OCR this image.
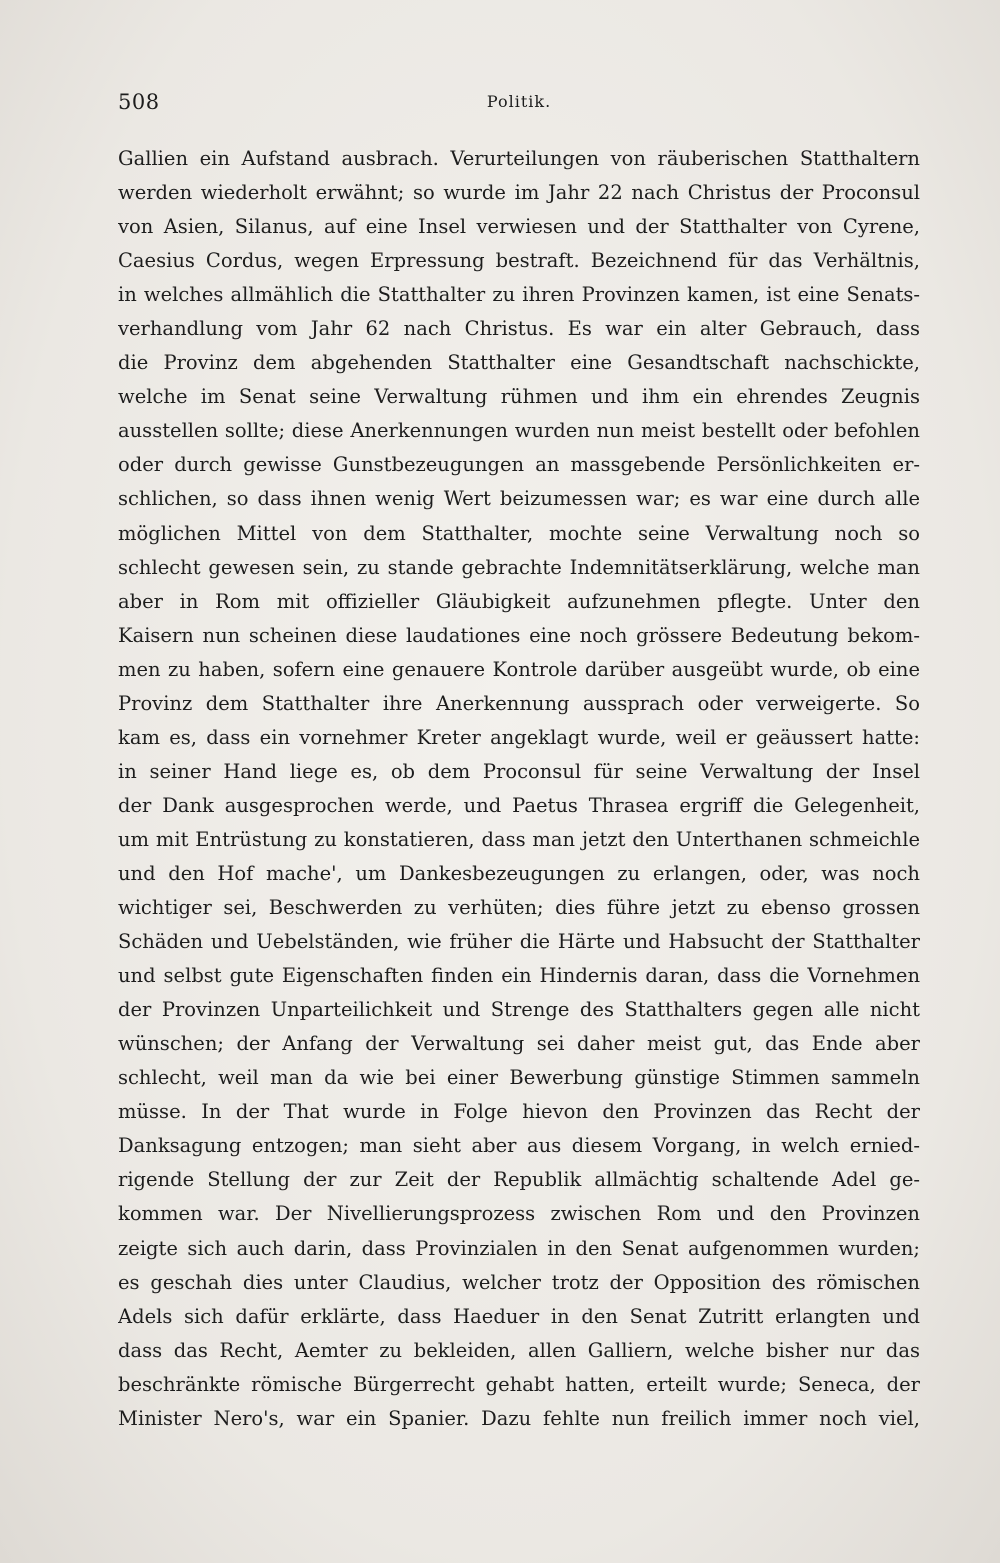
508	Politik.
Gallien ein Aufstand ausbrach. Verurteilungen von räuberischen Statthaltern
werden wiederholt erwähnt; so wurde im Jahr 22 nach Christus der Proconsul
von Asien, Silanus, auf eine Insel verwiesen und der Statthalter von Cyrene,
Caesius Cordus, wegen Erpressung bestraft. Bezeichnend für das Verhältnis,
in welches allmählich die Statthalter zu ihren Provinzen kamen, ist eine Senats-
verhandlung vom Jahr 62 nach Christus. Es war ein alter Gebrauch, dass
die Provinz dem abgehenden Statthalter eine Gesandtschaft nachschickte,
welche im Senat seine Verwaltung rühmen und ihm ein ehrendes Zeugnis
ausstellen sollte; diese Anerkennungen wurden nun meist bestellt oder befohlen
oder durch gewisse Gunstbezeugungen an massgebende Persönlichkeiten er-
schlichen, so dass ihnen wenig Wert beizumessen war; es war eine durch alle
möglichen Mittel von dem Statthalter, mochte seine Verwaltung noch so
schlecht gewesen sein, zu stande gebrachte Indemnitätserklärung, welche man
aber in Rom mit offizieller Gläubigkeit aufzunehmen pflegte. Unter den
Kaisern nun scheinen diese laudationes eine noch grössere Bedeutung bekom-
men zu haben, sofern eine genauere Kontrole darüber ausgeübt wurde, ob eine
Provinz dem Statthalter ihre Anerkennung aussprach oder verweigerte. So
kam es, dass ein vornehmer Kreter angeklagt wurde, weil er geäussert hatte:
in seiner Hand liege es, ob dem Proconsul für seine Verwaltung der Insel
der Dank ausgesprochen werde, und Paetus Thrasea ergriff die Gelegenheit,
um mit Entrüstung zu konstatieren, dass man jetzt den Unterthanen schmeichle
und den Hof mache', um Dankesbezeugungen zu erlangen, oder, was noch
wichtiger sei, Beschwerden zu verhüten; dies führe jetzt zu ebenso grossen
Schäden und Uebelständen, wie früher die Härte und Habsucht der Statthalter
und selbst gute Eigenschaften finden ein Hindernis daran, dass die Vornehmen
der Provinzen Unparteilichkeit und Strenge des Statthalters gegen alle nicht
wünschen; der Anfang der Verwaltung sei daher meist gut, das Ende aber
schlecht, weil man da wie bei einer Bewerbung günstige Stimmen sammeln
müsse. In der That wurde in Folge hievon den Provinzen das Recht der
Danksagung entzogen; man sieht aber aus diesem Vorgang, in welch ernied-
rigende Stellung der zur Zeit der Republik allmächtig schaltende Adel ge-
kommen war. Der Nivellierungsprozess zwischen Rom und den Provinzen
zeigte sich auch darin, dass Provinzialen in den Senat aufgenommen wurden;
es geschah dies unter Claudius, welcher trotz der Opposition des römischen
Adels sich dafür erklärte, dass Haeduer in den Senat Zutritt erlangten und
dass das Recht, Aemter zu bekleiden, allen Galliern, welche bisher nur das
beschränkte römische Bürgerrecht gehabt hatten, erteilt wurde; Seneca, der
Minister Nero's, war ein Spanier. Dazu fehlte nun freilich immer noch viel,
